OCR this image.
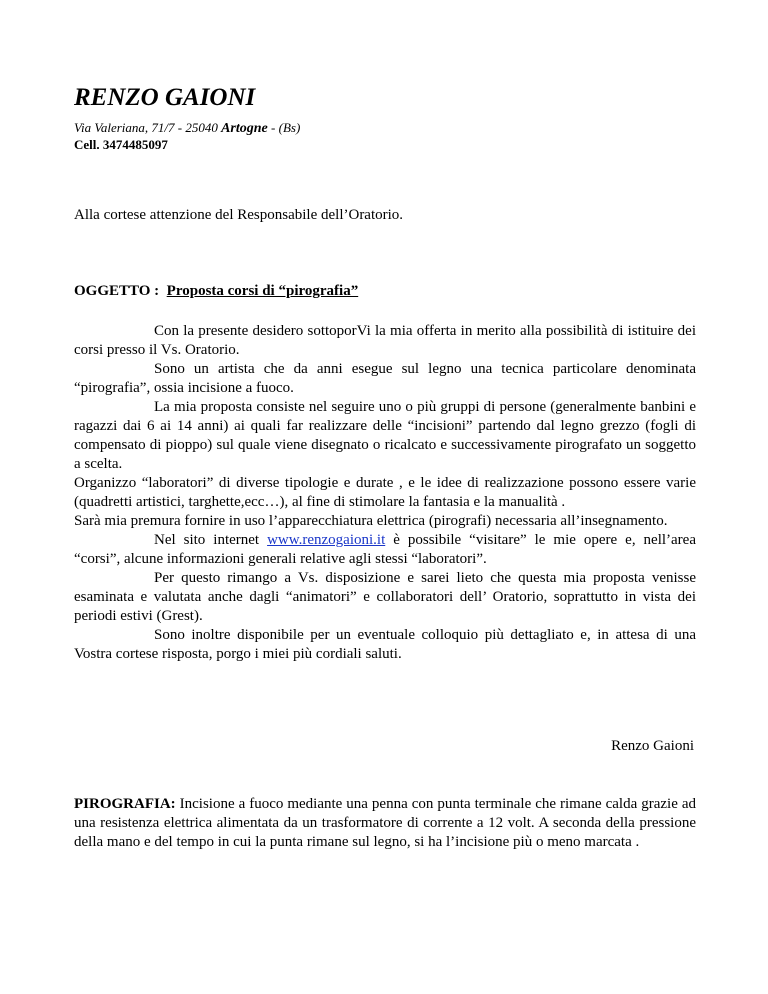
RENZO GAIONI
Via Valeriana, 71/7 - 25040 Artogne - (Bs)
Cell. 3474485097
Alla cortese attenzione del Responsabile dell’Oratorio.
OGGETTO :  Proposta corsi di “pirografia”

Con la presente desidero sottoporVi la mia offerta in merito alla possibilità di istituire dei corsi presso il Vs. Oratorio.

Sono un artista che da anni esegue sul legno una tecnica particolare denominata “pirografia”, ossia incisione a fuoco.

La mia proposta consiste nel seguire uno o più gruppi di persone (generalmente banbini e ragazzi dai 6 ai 14 anni) ai quali far realizzare delle “incisioni” partendo dal legno grezzo (fogli di compensato di pioppo) sul quale viene disegnato o ricalcato e successivamente pirografato un soggetto a scelta.

Organizzo “laboratori” di diverse tipologie e durate , e le idee di realizzazione possono essere varie (quadretti artistici, targhette,ecc…), al fine di stimolare la fantasia e la manualità .

Sarà mia premura fornire in uso l’apparecchiatura elettrica (pirografi) necessaria all’insegnamento.

Nel sito internet www.renzogaioni.it è possibile “visitare” le mie opere e, nell’area “corsi”, alcune informazioni generali relative agli stessi “laboratori”.

Per questo rimango a Vs. disposizione e sarei lieto che questa mia proposta venisse esaminata e valutata anche dagli “animatori” e collaboratori dell’ Oratorio, soprattutto in vista dei periodi estivi (Grest).

Sono inoltre disponibile per un eventuale colloquio più dettagliato e, in attesa di una Vostra cortese risposta, porgo i miei più cordiali saluti.

Renzo Gaioni
PIROGRAFIA: Incisione a fuoco mediante una penna con punta terminale che rimane calda grazie ad una resistenza elettrica alimentata da un trasformatore di corrente a 12 volt. A seconda della pressione della mano e del tempo in cui la punta rimane sul legno, si ha l’incisione più o meno marcata .
